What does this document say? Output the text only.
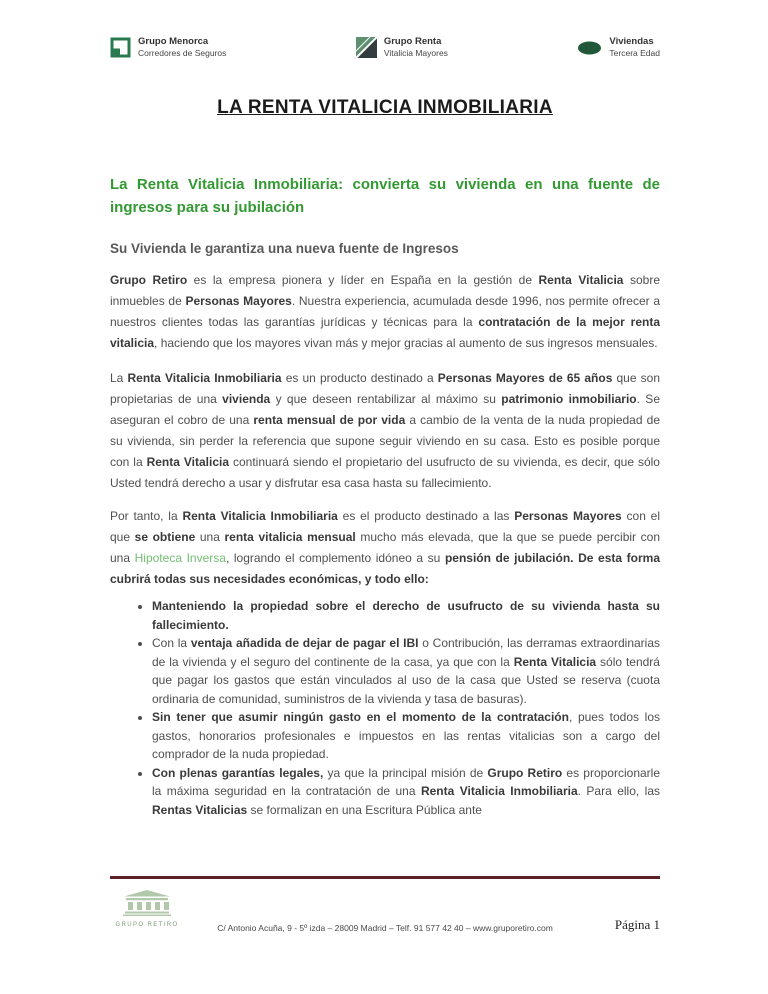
Grupo Menorca
Corredores de Seguros
Grupo Renta
Vitalicia Mayores
Viviendas
Tercera Edad
LA RENTA VITALICIA INMOBILIARIA
La Renta Vitalicia Inmobiliaria: convierta su vivienda en una fuente de ingresos para su jubilación
Su Vivienda le garantiza una nueva fuente de Ingresos

Grupo Retiro es la empresa pionera y líder en España en la gestión de Renta Vitalicia sobre inmuebles de Personas Mayores. Nuestra experiencia, acumulada desde 1996, nos permite ofrecer a nuestros clientes todas las garantías jurídicas y técnicas para la contratación de la mejor renta vitalicia, haciendo que los mayores vivan más y mejor gracias al aumento de sus ingresos mensuales.

La Renta Vitalicia Inmobiliaria es un producto destinado a Personas Mayores de 65 años que son propietarias de una vivienda y que deseen rentabilizar al máximo su patrimonio inmobiliario. Se aseguran el cobro de una renta mensual de por vida a cambio de la venta de la nuda propiedad de su vivienda, sin perder la referencia que supone seguir viviendo en su casa. Esto es posible porque con la Renta Vitalicia continuará siendo el propietario del usufructo de su vivienda, es decir, que sólo Usted tendrá derecho a usar y disfrutar esa casa hasta su fallecimiento.

Por tanto, la Renta Vitalicia Inmobiliaria es el producto destinado a las Personas Mayores con el que se obtiene una renta vitalicia mensual mucho más elevada, que la que se puede percibir con una Hipoteca Inversa, logrando el complemento idóneo a su pensión de jubilación. De esta forma cubrirá todas sus necesidades económicas, y todo ello:

• Manteniendo la propiedad sobre el derecho de usufructo de su vivienda hasta su fallecimiento.
• Con la ventaja añadida de dejar de pagar el IBI o Contribución, las derramas extraordinarias de la vivienda y el seguro del continente de la casa, ya que con la Renta Vitalicia sólo tendrá que pagar los gastos que están vinculados al uso de la casa que Usted se reserva (cuota ordinaria de comunidad, suministros de la vivienda y tasa de basuras).
• Sin tener que asumir ningún gasto en el momento de la contratación, pues todos los gastos, honorarios profesionales e impuestos en las rentas vitalicias son a cargo del comprador de la nuda propiedad.
• Con plenas garantías legales, ya que la principal misión de Grupo Retiro es proporcionarle la máxima seguridad en la contratación de una Renta Vitalicia Inmobiliaria. Para ello, las Rentas Vitalicias se formalizan en una Escritura Pública ante
GRUPO RETIRO	C/ Antonio Acuña, 9 - 5º izda – 28009 Madrid – Telf. 91 577 42 40 – www.gruporetiro.com	Página 1
